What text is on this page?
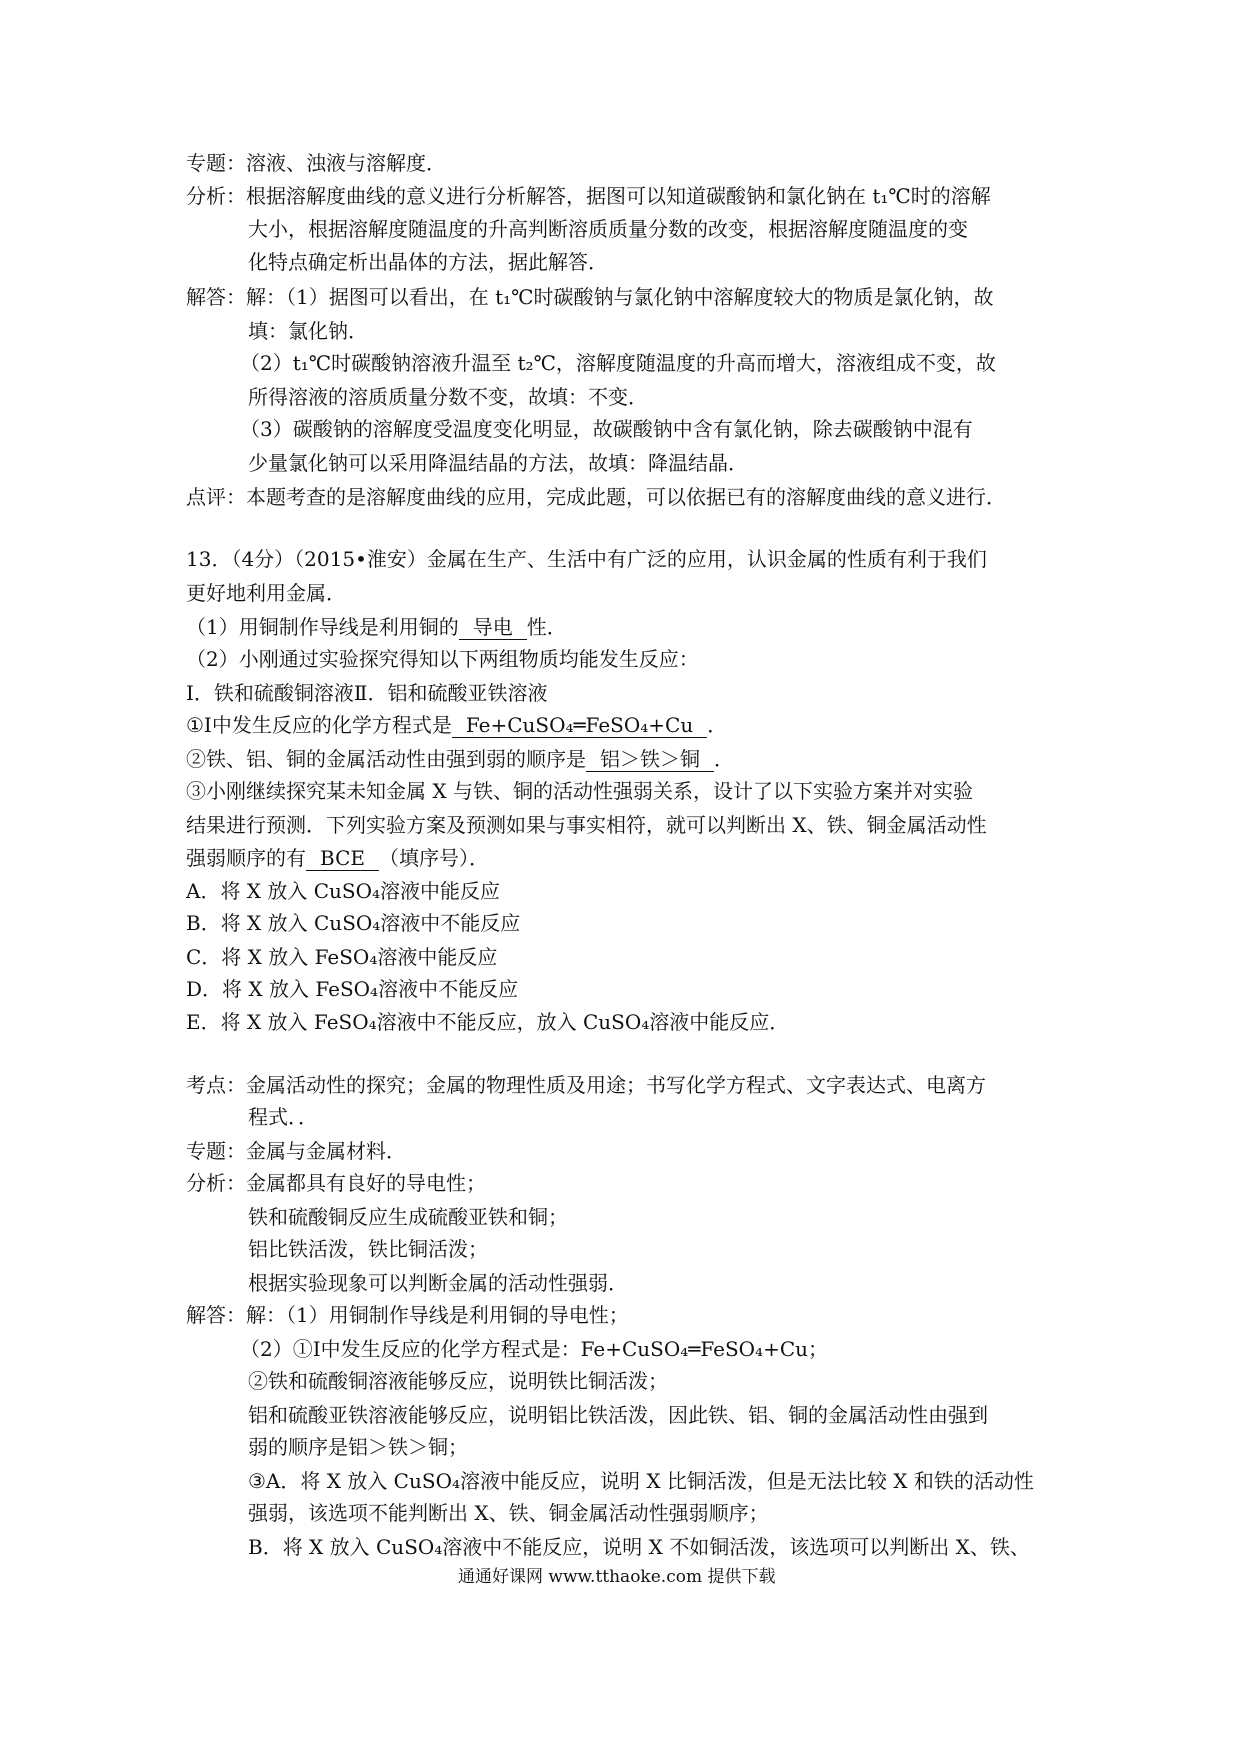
专题：溶液、浊液与溶解度．
分析：根据溶解度曲线的意义进行分析解答，据图可以知道碳酸钠和氯化钠在 t₁℃时的溶解
大小，根据溶解度随温度的升高判断溶质质量分数的改变，根据溶解度随温度的变
化特点确定析出晶体的方法，据此解答．
解答：解：（1）据图可以看出，在 t₁℃时碳酸钠与氯化钠中溶解度较大的物质是氯化钠，故
填：氯化钠．
（2）t₁℃时碳酸钠溶液升温至 t₂℃，溶解度随温度的升高而增大，溶液组成不变，故
所得溶液的溶质质量分数不变，故填：不变．
（3）碳酸钠的溶解度受温度变化明显，故碳酸钠中含有氯化钠，除去碳酸钠中混有
少量氯化钠可以采用降温结晶的方法，故填：降温结晶．
点评：本题考查的是溶解度曲线的应用，完成此题，可以依据已有的溶解度曲线的意义进行．
13．（4分）（2015•淮安）金属在生产、生活中有广泛的应用，认识金属的性质有利于我们
更好地利用金属．
（1）用铜制作导线是利用铜的 导电 性．
（2）小刚通过实验探究得知以下两组物质均能发生反应：
Ⅰ．铁和硫酸铜溶液Ⅱ．铝和硫酸亚铁溶液
①Ⅰ中发生反应的化学方程式是 Fe+CuSO₄═FeSO₄+Cu ．
②铁、铝、铜的金属活动性由强到弱的顺序是 铝＞铁＞铜 ．
③小刚继续探究某未知金属 X 与铁、铜的活动性强弱关系，设计了以下实验方案并对实验
结果进行预测．下列实验方案及预测如果与事实相符，就可以判断出 X、铁、铜金属活动性
强弱顺序的有 BCE （填序号）．
A．将 X 放入 CuSO₄溶液中能反应
B．将 X 放入 CuSO₄溶液中不能反应
C．将 X 放入 FeSO₄溶液中能反应
D．将 X 放入 FeSO₄溶液中不能反应
E．将 X 放入 FeSO₄溶液中不能反应，放入 CuSO₄溶液中能反应．
考点：金属活动性的探究；金属的物理性质及用途；书写化学方程式、文字表达式、电离方
程式．．
专题：金属与金属材料．
分析：金属都具有良好的导电性；
铁和硫酸铜反应生成硫酸亚铁和铜；
铝比铁活泼，铁比铜活泼；
根据实验现象可以判断金属的活动性强弱．
解答：解：（1）用铜制作导线是利用铜的导电性；
（2）①Ⅰ中发生反应的化学方程式是：Fe+CuSO₄═FeSO₄+Cu；
②铁和硫酸铜溶液能够反应，说明铁比铜活泼；
铝和硫酸亚铁溶液能够反应，说明铝比铁活泼，因此铁、铝、铜的金属活动性由强到
弱的顺序是铝＞铁＞铜；
③A．将 X 放入 CuSO₄溶液中能反应，说明 X 比铜活泼，但是无法比较 X 和铁的活动性
强弱，该选项不能判断出 X、铁、铜金属活动性强弱顺序；
B．将 X 放入 CuSO₄溶液中不能反应，说明 X 不如铜活泼，该选项可以判断出 X、铁、
通通好课网 www.tthaoke.com 提供下载
